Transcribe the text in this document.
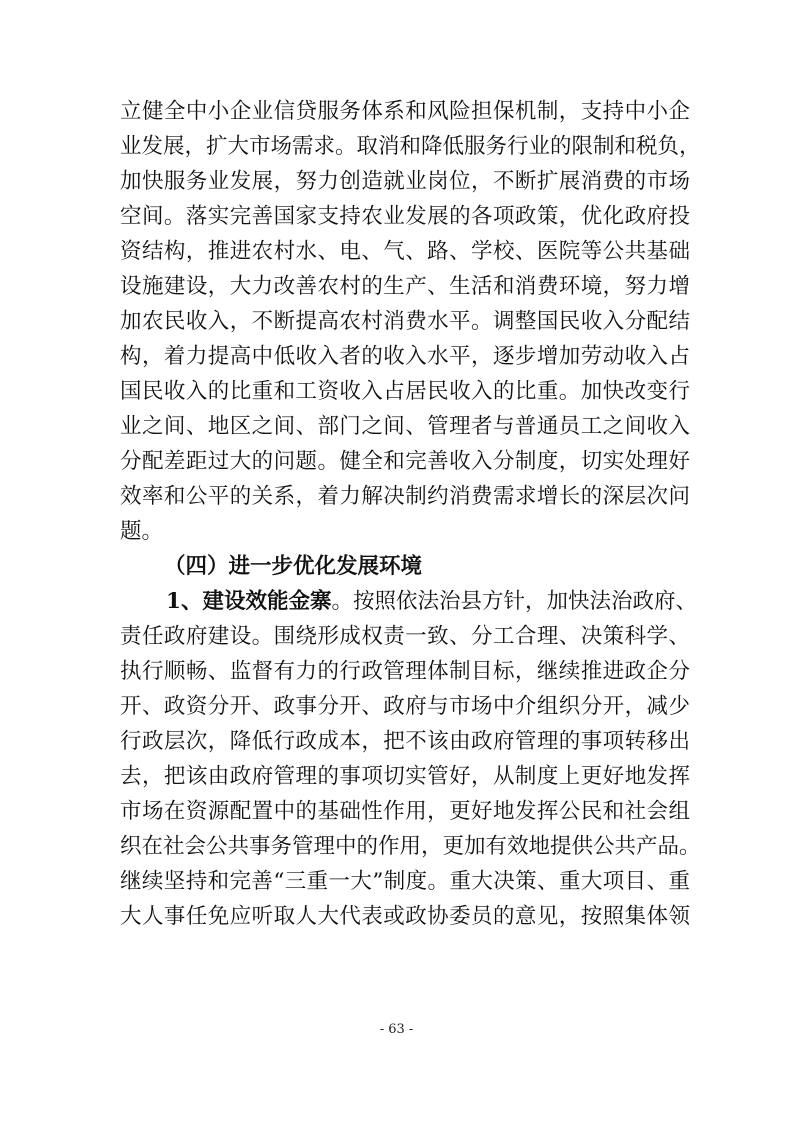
立健全中小企业信贷服务体系和风险担保机制，支持中小企
业发展，扩大市场需求。取消和降低服务行业的限制和税负，
加快服务业发展，努力创造就业岗位，不断扩展消费的市场
空间。落实完善国家支持农业发展的各项政策，优化政府投
资结构，推进农村水、电、气、路、学校、医院等公共基础
设施建设，大力改善农村的生产、生活和消费环境，努力增
加农民收入，不断提高农村消费水平。调整国民收入分配结
构，着力提高中低收入者的收入水平，逐步增加劳动收入占
国民收入的比重和工资收入占居民收入的比重。加快改变行
业之间、地区之间、部门之间、管理者与普通员工之间收入
分配差距过大的问题。健全和完善收入分制度，切实处理好
效率和公平的关系，着力解决制约消费需求增长的深层次问
题。
（四）进一步优化发展环境
1、建设效能金寨。按照依法治县方针，加快法治政府、
责任政府建设。围绕形成权责一致、分工合理、决策科学、
执行顺畅、监督有力的行政管理体制目标，继续推进政企分
开、政资分开、政事分开、政府与市场中介组织分开，减少
行政层次，降低行政成本，把不该由政府管理的事项转移出
去，把该由政府管理的事项切实管好，从制度上更好地发挥
市场在资源配置中的基础性作用，更好地发挥公民和社会组
织在社会公共事务管理中的作用，更加有效地提供公共产品。
继续坚持和完善“三重一大”制度。重大决策、重大项目、重
大人事任免应听取人大代表或政协委员的意见，按照集体领
- 63 -
